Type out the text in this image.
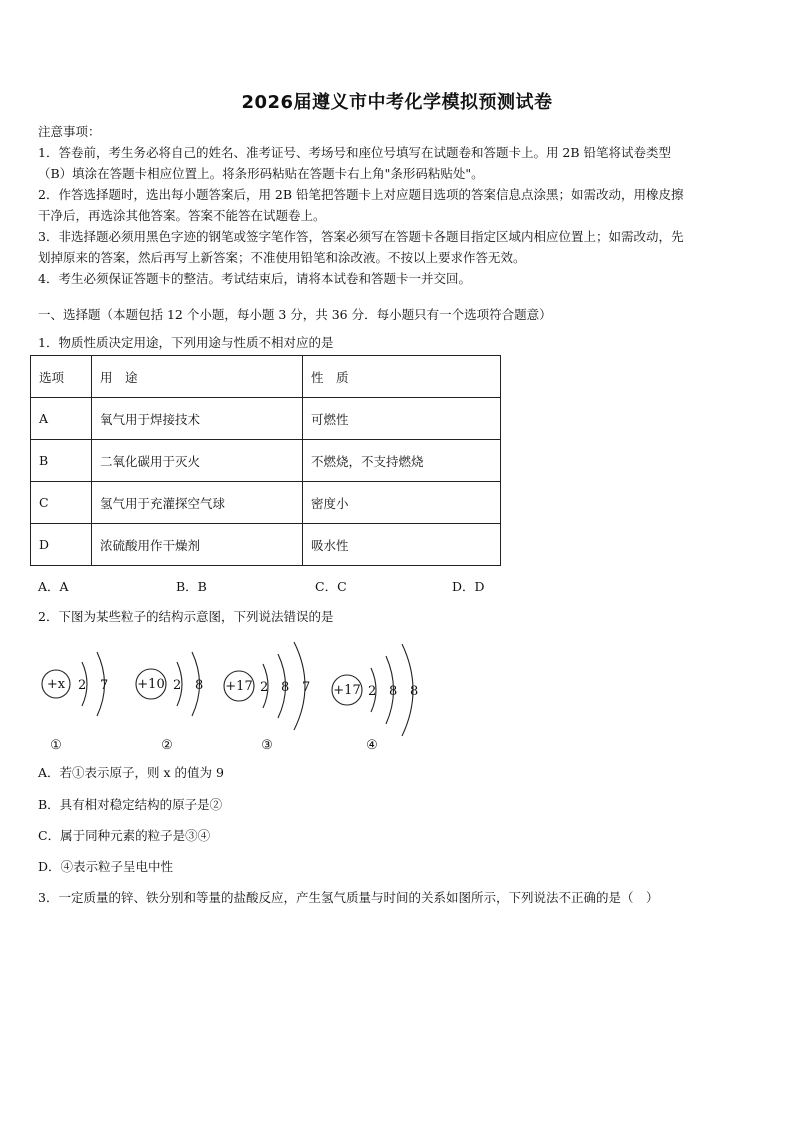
2026届遵义市中考化学模拟预测试卷

注意事项：

1．答卷前，考生务必将自己的姓名、准考证号、考场号和座位号填写在试题卷和答题卡上。用 2B 铅笔将试卷类型

（B）填涂在答题卡相应位置上。将条形码粘贴在答题卡右上角"条形码粘贴处"。

2．作答选择题时，选出每小题答案后，用 2B 铅笔把答题卡上对应题目选项的答案信息点涂黑；如需改动，用橡皮擦

干净后，再选涂其他答案。答案不能答在试题卷上。

3．非选择题必须用黑色字迹的钢笔或签字笔作答，答案必须写在答题卡各题目指定区域内相应位置上；如需改动，先

划掉原来的答案，然后再写上新答案；不准使用铅笔和涂改液。不按以上要求作答无效。

4．考生必须保证答题卡的整洁。考试结束后，请将本试卷和答题卡一并交回。

一、选择题（本题包括 12 个小题，每小题 3 分，共 36 分．每小题只有一个选项符合题意）
1．物质性质决定用途，下列用途与性质不相对应的是
选项	用　途	性　质
A	氧气用于焊接技术	可燃性
B	二氧化碳用于灭火	不燃烧，不支持燃烧
C	氢气用于充灌探空气球	密度小
D	浓硫酸用作干燥剂	吸水性
A．A	B．B	C．C	D．D
2．下图为某些粒子的结构示意图，下列说法错误的是
+x 2 7
①
+10 2 8
②
+17 2 8 7
③
+17 2 8 8
④
A．若①表示原子，则 x 的值为 9
B．具有相对稳定结构的原子是②
C．属于同种元素的粒子是③④
D．④表示粒子呈电中性
3．一定质量的锌、铁分别和等量的盐酸反应，产生氢气质量与时间的关系如图所示，下列说法不正确的是（　）
